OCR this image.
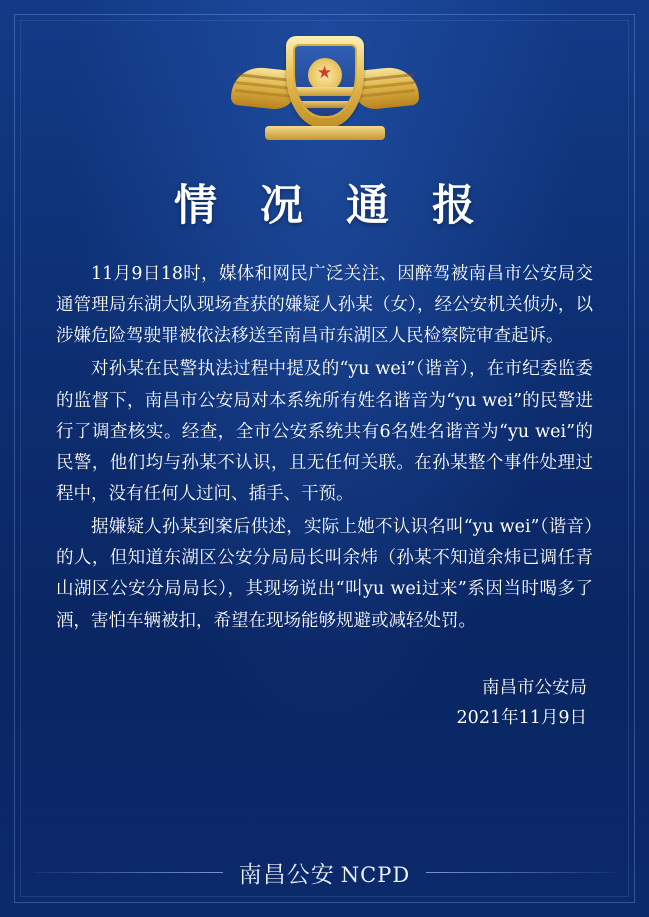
★
情 况 通 报

11月9日18时，媒体和网民广泛关注、因醉驾被南昌市公安局交通管理局东湖大队现场查获的嫌疑人孙某（女），经公安机关侦办，以涉嫌危险驾驶罪被依法移送至南昌市东湖区人民检察院审查起诉。

对孙某在民警执法过程中提及的“yu wei”（谐音），在市纪委监委的监督下，南昌市公安局对本系统所有姓名谐音为“yu wei”的民警进行了调查核实。经查，全市公安系统共有6名姓名谐音为“yu wei”的民警，他们均与孙某不认识，且无任何关联。在孙某整个事件处理过程中，没有任何人过问、插手、干预。

据嫌疑人孙某到案后供述，实际上她不认识名叫“yu wei”（谐音）的人，但知道东湖区公安分局局长叫余炜（孙某不知道余炜已调任青山湖区公安分局局长），其现场说出“叫yu wei过来”系因当时喝多了酒，害怕车辆被扣，希望在现场能够规避或减轻处罚。

南昌市公安局
2021年11月9日
南昌公安 NCPD
